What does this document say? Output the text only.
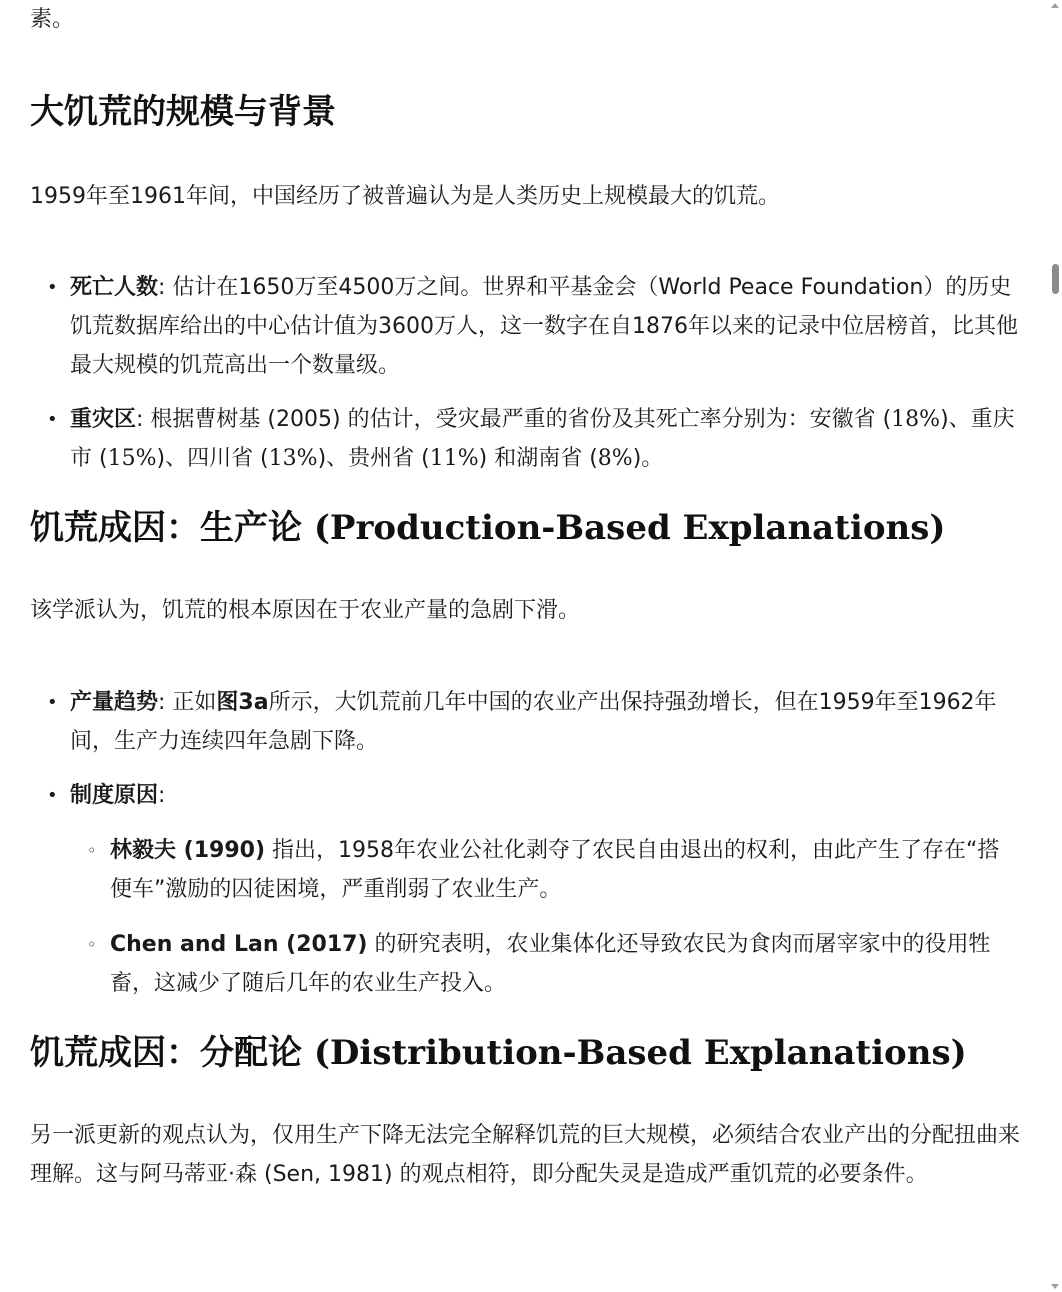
素。

大饥荒的规模与背景

1959年至1961年间，中国经历了被普遍认为是人类历史上规模最大的饥荒。

• 死亡人数: 估计在1650万至4500万之间。世界和平基金会（World Peace Foundation）的历史饥荒数据库给出的中心估计值为3600万人，这一数字在自1876年以来的记录中位居榜首，比其他最大规模的饥荒高出一个数量级。
• 重灾区: 根据曹树基 (2005) 的估计，受灾最严重的省份及其死亡率分别为：安徽省 (18%)、重庆市 (15%)、四川省 (13%)、贵州省 (11%) 和湖南省 (8%)。
饥荒成因：生产论 (Production-Based Explanations)

该学派认为，饥荒的根本原因在于农业产量的急剧下滑。

• 产量趋势: 正如图3a所示，大饥荒前几年中国的农业产出保持强劲增长，但在1959年至1962年间，生产力连续四年急剧下降。
• 制度原因:
◦ 林毅夫 (1990) 指出，1958年农业公社化剥夺了农民自由退出的权利，由此产生了存在“搭便车”激励的囚徒困境，严重削弱了农业生产。
◦ Chen and Lan (2017) 的研究表明，农业集体化还导致农民为食肉而屠宰家中的役用牲畜，这减少了随后几年的农业生产投入。
饥荒成因：分配论 (Distribution-Based Explanations)

另一派更新的观点认为，仅用生产下降无法完全解释饥荒的巨大规模，必须结合农业产出的分配扭曲来理解。这与阿马蒂亚·森 (Sen, 1981) 的观点相符，即分配失灵是造成严重饥荒的必要条件。
